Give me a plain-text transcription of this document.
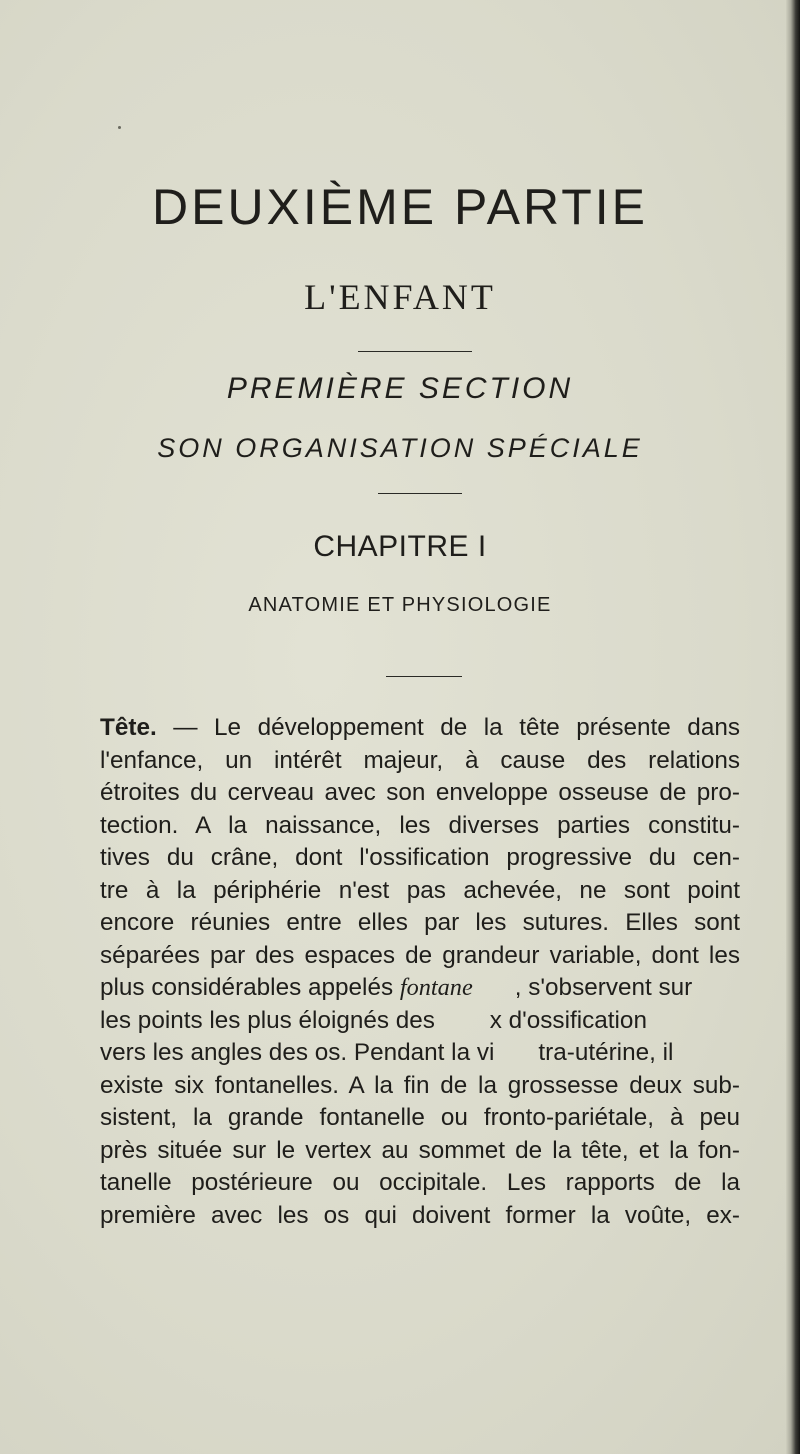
DEUXIÈME PARTIE
L'ENFANT
PREMIÈRE SECTION
SON ORGANISATION SPÉCIALE
CHAPITRE I
ANATOMIE ET PHYSIOLOGIE
Tête. — Le développement de la tête présente dans
l'enfance, un intérêt majeur, à cause des relations
étroites du cerveau avec son enveloppe osseuse de pro-
tection. A la naissance, les diverses parties constitu-
tives du crâne, dont l'ossification progressive du cen-
tre à la périphérie n'est pas achevée, ne sont point
encore réunies entre elles par les sutures. Elles sont
séparées par des espaces de grandeur variable, dont les
plus considérables appelés fontane , s'observent sur
les points les plus éloignés des x d'ossification
vers les angles des os. Pendant la vi tra-utérine, il
existe six fontanelles. A la fin de la grossesse deux sub-
sistent, la grande fontanelle ou fronto-pariétale, à peu
près située sur le vertex au sommet de la tête, et la fon-
tanelle postérieure ou occipitale. Les rapports de la
première avec les os qui doivent former la voûte, ex-
